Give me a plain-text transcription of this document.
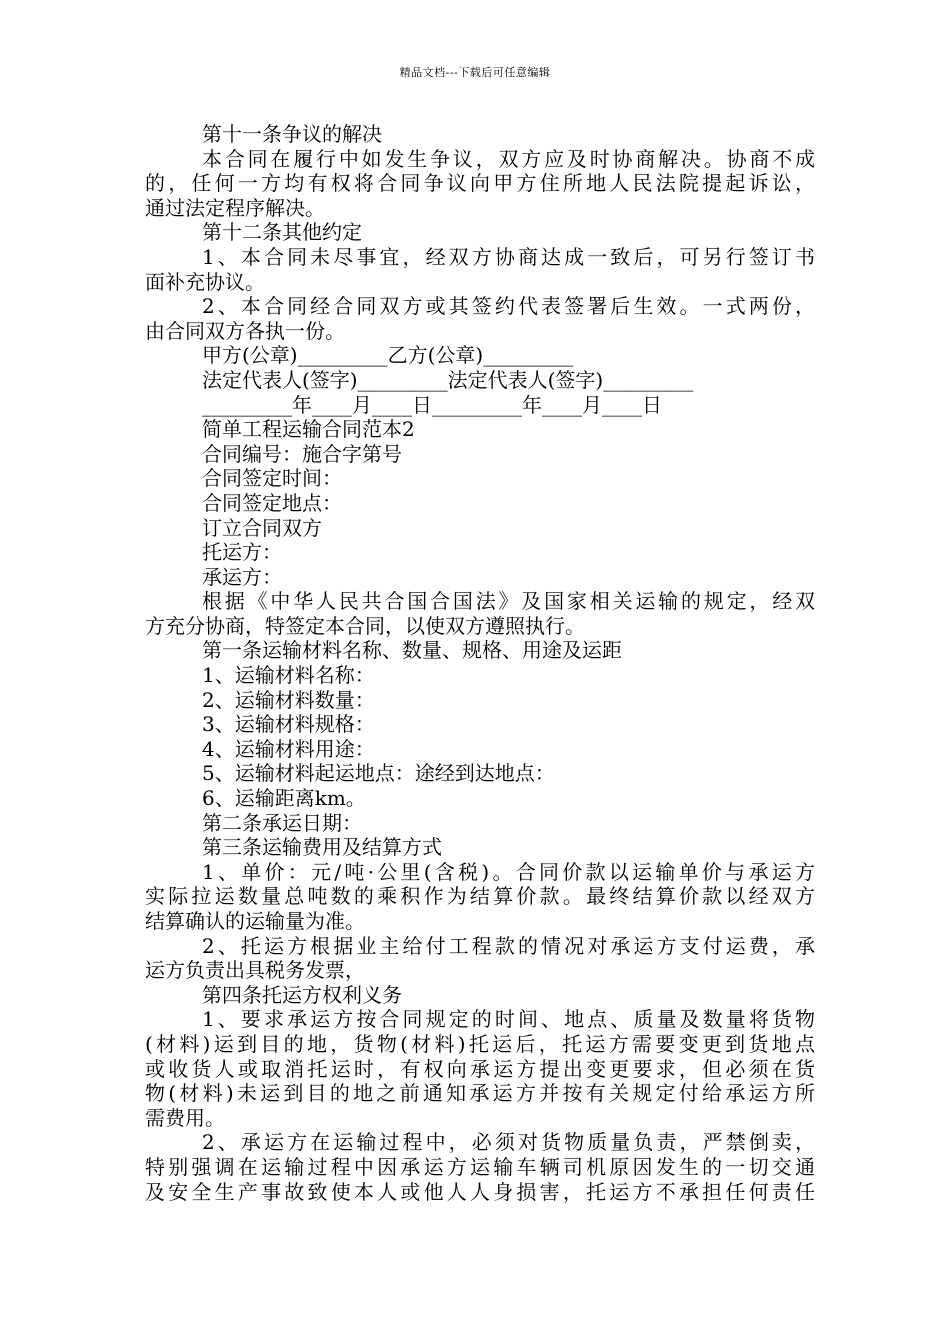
精品文档---下载后可任意编辑
第十一条争议的解决
本合同在履行中如发生争议，双方应及时协商解决。协商不成
的，任何一方均有权将合同争议向甲方住所地人民法院提起诉讼，
通过法定程序解决。
第十二条其他约定
1、本合同未尽事宜，经双方协商达成一致后，可另行签订书
面补充协议。
2、本合同经合同双方或其签约代表签署后生效。一式两份，
由合同双方各执一份。
甲方(公章)_________乙方(公章)_________
法定代表人(签字)_________法定代表人(签字)_________
_________年____月____日_________年____月____日
简单工程运输合同范本2
合同编号：施合字第号
合同签定时间：
合同签定地点：
订立合同双方
托运方：
承运方：
根据《中华人民共合国合国法》及国家相关运输的规定，经双
方充分协商，特签定本合同，以使双方遵照执行。
第一条运输材料名称、数量、规格、用途及运距
1、运输材料名称：
2、运输材料数量：
3、运输材料规格：
4、运输材料用途：
5、运输材料起运地点：途经到达地点：
6、运输距离km。
第二条承运日期：
第三条运输费用及结算方式
1、单价：元/吨·公里(含税)。合同价款以运输单价与承运方
实际拉运数量总吨数的乘积作为结算价款。最终结算价款以经双方
结算确认的运输量为准。
2、托运方根据业主给付工程款的情况对承运方支付运费，承
运方负责出具税务发票，
第四条托运方权利义务
1、要求承运方按合同规定的时间、地点、质量及数量将货物
(材料)运到目的地，货物(材料)托运后，托运方需要变更到货地点
或收货人或取消托运时，有权向承运方提出变更要求，但必须在货
物(材料)未运到目的地之前通知承运方并按有关规定付给承运方所
需费用。
2、承运方在运输过程中，必须对货物质量负责，严禁倒卖，
特别强调在运输过程中因承运方运输车辆司机原因发生的一切交通
及安全生产事故致使本人或他人人身损害，托运方不承担任何责任
